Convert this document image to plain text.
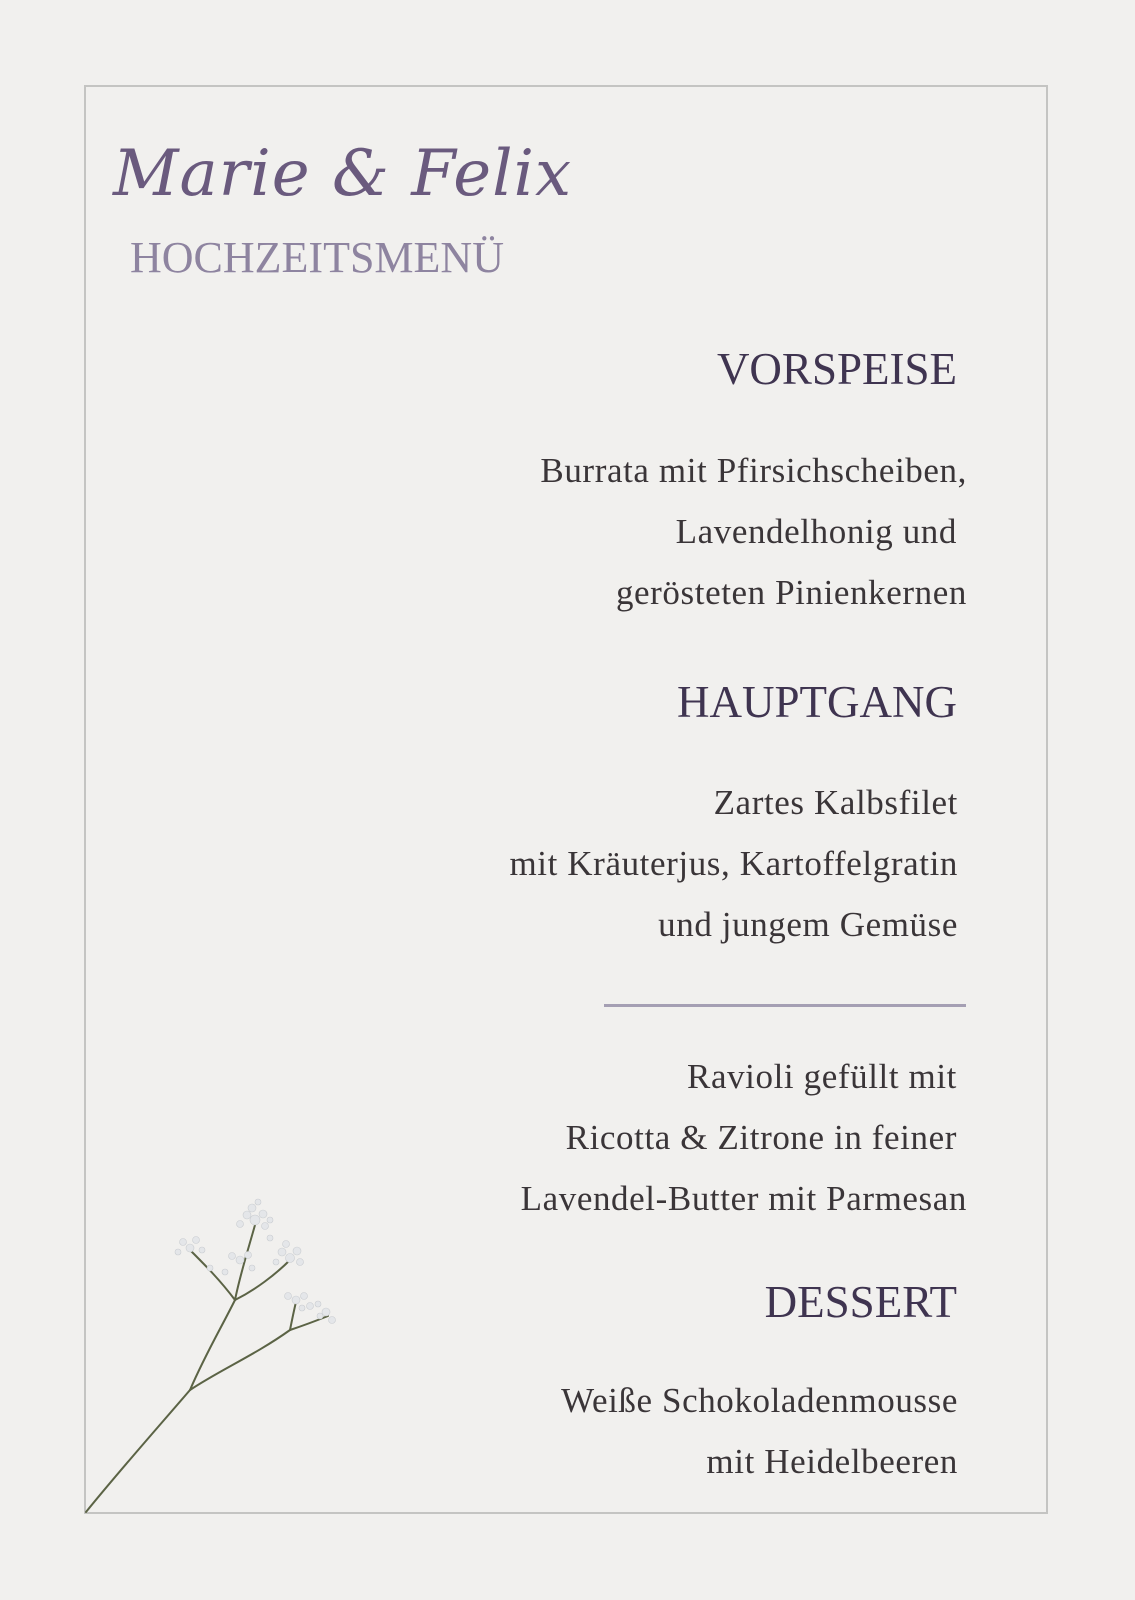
Marie & Felix
HOCHZEITSMENÜ
VORSPEISE
Burrata mit Pfirsichscheiben,
Lavendelhonig und
gerösteten Pinienkernen
HAUPTGANG
Zartes Kalbsfilet
mit Kräuterjus, Kartoffelgratin
und jungem Gemüse
Ravioli gefüllt mit
Ricotta & Zitrone in feiner
Lavendel-Butter mit Parmesan
DESSERT
Weiße Schokoladenmousse
mit Heidelbeeren
